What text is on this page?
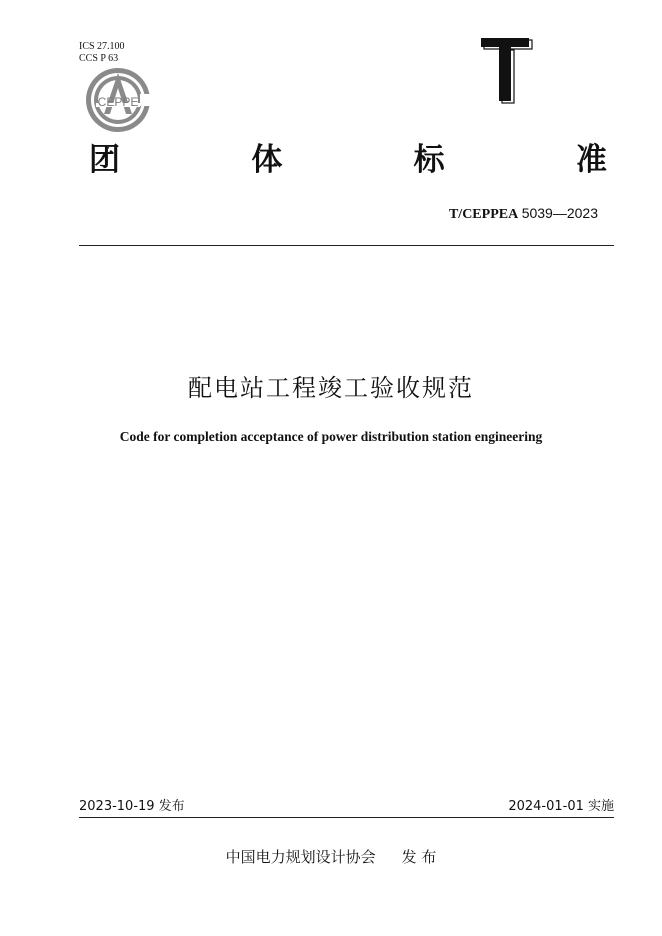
ICS 27.100
CCS P 63
CEPPE
团	体	标	准
T/CEPPEA 5039—2023
配电站工程竣工验收规范
Code for completion acceptance of power distribution station engineering
2023-10-19 发布	2024-01-01 实施
中国电力规划设计协会 发 布
